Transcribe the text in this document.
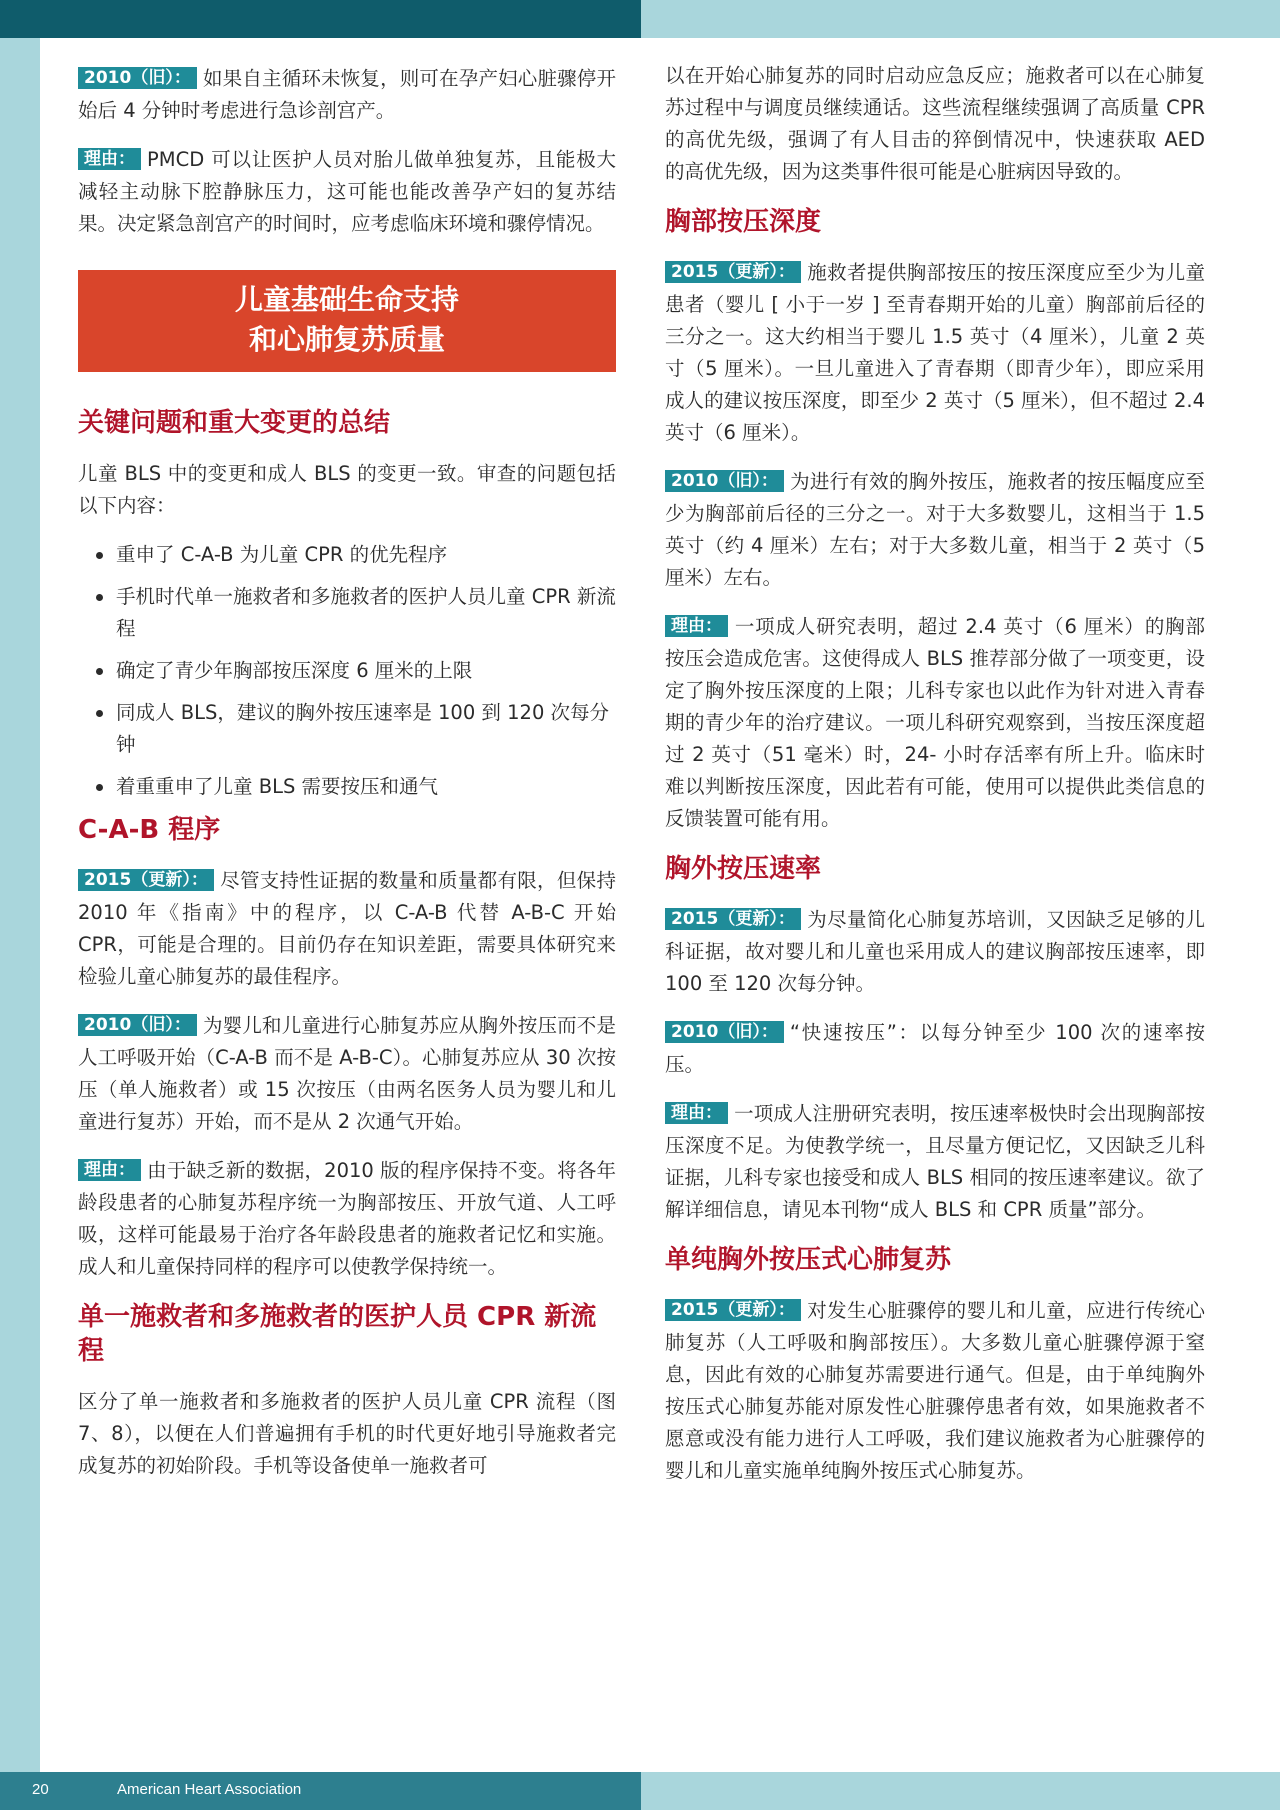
2010（旧）： 如果自主循环未恢复，则可在孕产妇心脏骤停开始后 4 分钟时考虑进行急诊剖宫产。

理由： PMCD 可以让医护人员对胎儿做单独复苏，且能极大减轻主动脉下腔静脉压力，这可能也能改善孕产妇的复苏结果。决定紧急剖宫产的时间时，应考虑临床环境和骤停情况。

儿童基础生命支持
和心肺复苏质量
关键问题和重大变更的总结

儿童 BLS 中的变更和成人 BLS 的变更一致。审查的问题包括以下内容：

重申了 C-A-B 为儿童 CPR 的优先程序
手机时代单一施救者和多施救者的医护人员儿童 CPR 新流程
确定了青少年胸部按压深度 6 厘米的上限
同成人 BLS，建议的胸外按压速率是 100 到 120 次每分钟
着重重申了儿童 BLS 需要按压和通气
C-A-B 程序

2015（更新）： 尽管支持性证据的数量和质量都有限，但保持 2010 年《指南》中的程序，以 C-A-B 代替 A-B-C 开始 CPR，可能是合理的。目前仍存在知识差距，需要具体研究来检验儿童心肺复苏的最佳程序。

2010（旧）： 为婴儿和儿童进行心肺复苏应从胸外按压而不是人工呼吸开始（C-A-B 而不是 A-B-C）。心肺复苏应从 30 次按压（单人施救者）或 15 次按压（由两名医务人员为婴儿和儿童进行复苏）开始，而不是从 2 次通气开始。

理由： 由于缺乏新的数据，2010 版的程序保持不变。将各年龄段患者的心肺复苏程序统一为胸部按压、开放气道、人工呼吸，这样可能最易于治疗各年龄段患者的施救者记忆和实施。成人和儿童保持同样的程序可以使教学保持统一。

单一施救者和多施救者的医护人员 CPR 新流程

区分了单一施救者和多施救者的医护人员儿童 CPR 流程（图 7、8），以便在人们普遍拥有手机的时代更好地引导施救者完成复苏的初始阶段。手机等设备使单一施救者可

以在开始心肺复苏的同时启动应急反应；施救者可以在心肺复苏过程中与调度员继续通话。这些流程继续强调了高质量 CPR 的高优先级，强调了有人目击的猝倒情况中，快速获取 AED 的高优先级，因为这类事件很可能是心脏病因导致的。

胸部按压深度

2015（更新）： 施救者提供胸部按压的按压深度应至少为儿童患者（婴儿 [ 小于一岁 ] 至青春期开始的儿童）胸部前后径的三分之一。这大约相当于婴儿 1.5 英寸（4 厘米），儿童 2 英寸（5 厘米）。一旦儿童进入了青春期（即青少年），即应采用成人的建议按压深度，即至少 2 英寸（5 厘米），但不超过 2.4 英寸（6 厘米）。

2010（旧）： 为进行有效的胸外按压，施救者的按压幅度应至少为胸部前后径的三分之一。对于大多数婴儿，这相当于 1.5 英寸（约 4 厘米）左右；对于大多数儿童，相当于 2 英寸（5 厘米）左右。

理由： 一项成人研究表明，超过 2.4 英寸（6 厘米）的胸部按压会造成危害。这使得成人 BLS 推荐部分做了一项变更，设定了胸外按压深度的上限；儿科专家也以此作为针对进入青春期的青少年的治疗建议。一项儿科研究观察到，当按压深度超过 2 英寸（51 毫米）时，24- 小时存活率有所上升。临床时难以判断按压深度，因此若有可能，使用可以提供此类信息的反馈装置可能有用。

胸外按压速率

2015（更新）： 为尽量简化心肺复苏培训，又因缺乏足够的儿科证据，故对婴儿和儿童也采用成人的建议胸部按压速率，即 100 至 120 次每分钟。

2010（旧）： “快速按压”：以每分钟至少 100 次的速率按压。

理由： 一项成人注册研究表明，按压速率极快时会出现胸部按压深度不足。为使教学统一，且尽量方便记忆，又因缺乏儿科证据，儿科专家也接受和成人 BLS 相同的按压速率建议。欲了解详细信息，请见本刊物“成人 BLS 和 CPR 质量”部分。

单纯胸外按压式心肺复苏

2015（更新）： 对发生心脏骤停的婴儿和儿童，应进行传统心肺复苏（人工呼吸和胸部按压）。大多数儿童心脏骤停源于窒息，因此有效的心肺复苏需要进行通气。但是，由于单纯胸外按压式心肺复苏能对原发性心脏骤停患者有效，如果施救者不愿意或没有能力进行人工呼吸，我们建议施救者为心脏骤停的婴儿和儿童实施单纯胸外按压式心肺复苏。

20	American Heart Association
